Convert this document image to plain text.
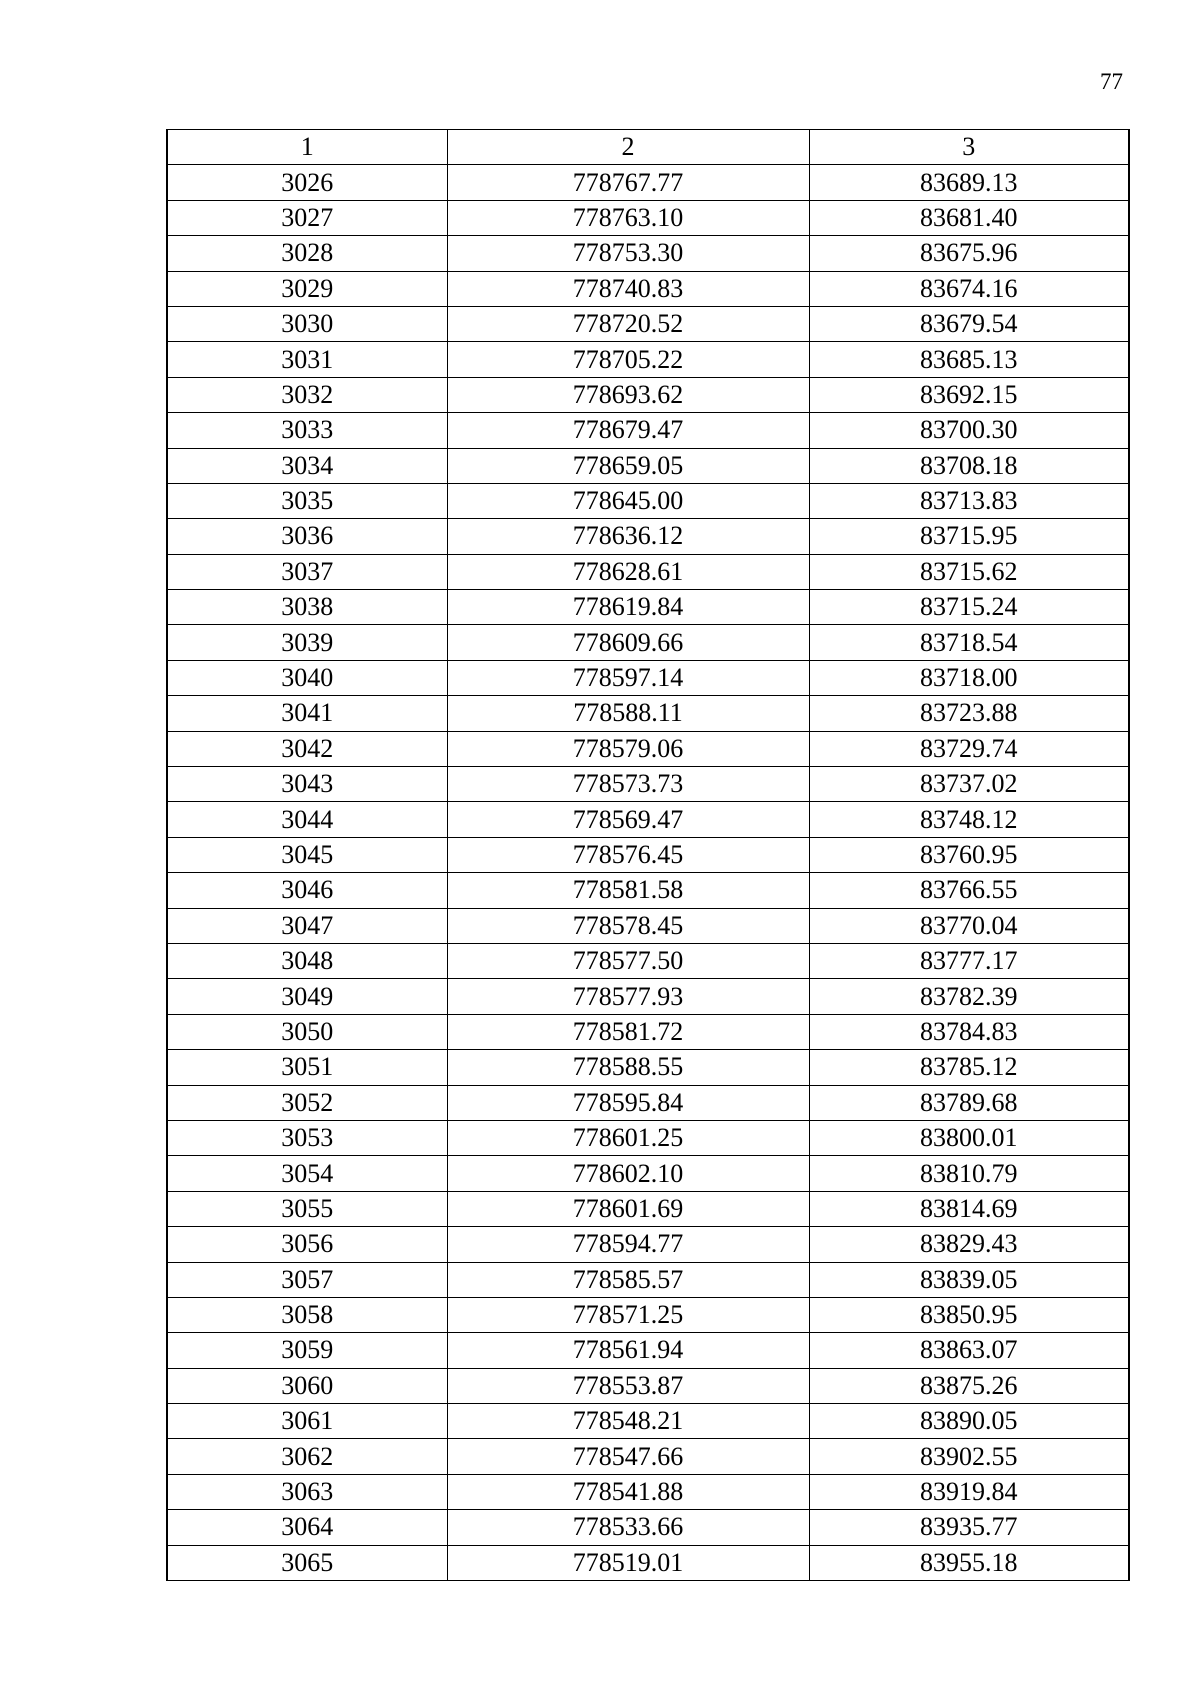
77
1	2	3
3026	778767.77	83689.13
3027	778763.10	83681.40
3028	778753.30	83675.96
3029	778740.83	83674.16
3030	778720.52	83679.54
3031	778705.22	83685.13
3032	778693.62	83692.15
3033	778679.47	83700.30
3034	778659.05	83708.18
3035	778645.00	83713.83
3036	778636.12	83715.95
3037	778628.61	83715.62
3038	778619.84	83715.24
3039	778609.66	83718.54
3040	778597.14	83718.00
3041	778588.11	83723.88
3042	778579.06	83729.74
3043	778573.73	83737.02
3044	778569.47	83748.12
3045	778576.45	83760.95
3046	778581.58	83766.55
3047	778578.45	83770.04
3048	778577.50	83777.17
3049	778577.93	83782.39
3050	778581.72	83784.83
3051	778588.55	83785.12
3052	778595.84	83789.68
3053	778601.25	83800.01
3054	778602.10	83810.79
3055	778601.69	83814.69
3056	778594.77	83829.43
3057	778585.57	83839.05
3058	778571.25	83850.95
3059	778561.94	83863.07
3060	778553.87	83875.26
3061	778548.21	83890.05
3062	778547.66	83902.55
3063	778541.88	83919.84
3064	778533.66	83935.77
3065	778519.01	83955.18
